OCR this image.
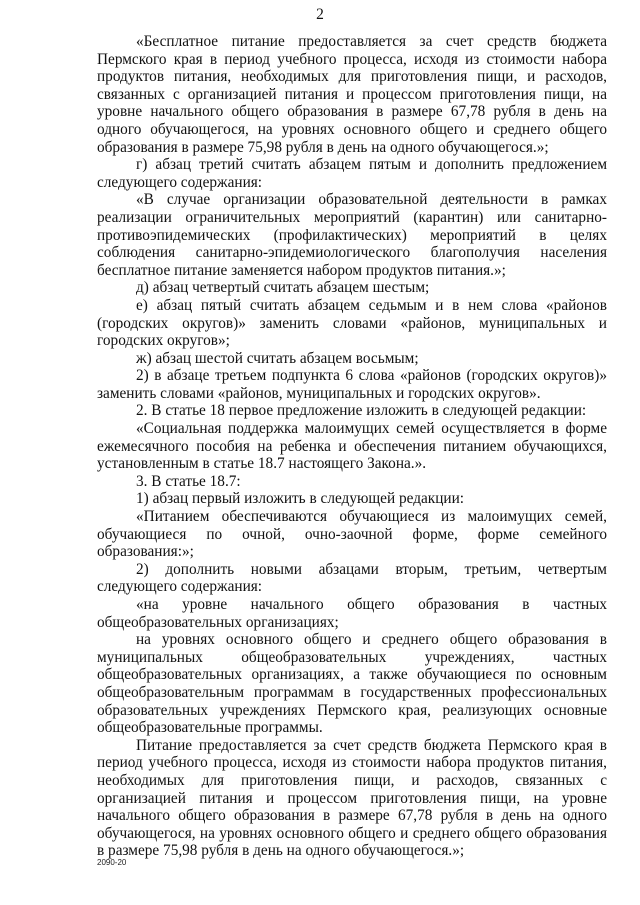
2

«Бесплатное питание предоставляется за счет средств бюджета Пермского края в период учебного процесса, исходя из стоимости набора продуктов питания, необходимых для приготовления пищи, и расходов, связанных с организацией питания и процессом приготовления пищи, на уровне начального общего образования в размере 67,78 рубля в день на одного обучающегося, на уровнях основного общего и среднего общего образования в размере 75,98 рубля в день на одного обучающегося.»;

г) абзац третий считать абзацем пятым и дополнить предложением следующего содержания:

«В случае организации образовательной деятельности в рамках реализации ограничительных мероприятий (карантин) или санитарно-противоэпидемических (профилактических) мероприятий в целях соблюдения санитарно-эпидемиологического благополучия населения бесплатное питание заменяется набором продуктов питания.»;

д) абзац четвертый считать абзацем шестым;

е) абзац пятый считать абзацем седьмым и в нем слова «районов (городских округов)» заменить словами «районов, муниципальных и городских округов»;

ж) абзац шестой считать абзацем восьмым;

2) в абзаце третьем подпункта 6 слова «районов (городских округов)» заменить словами «районов, муниципальных и городских округов».

2. В статье 18 первое предложение изложить в следующей редакции:

«Социальная поддержка малоимущих семей осуществляется в форме ежемесячного пособия на ребенка и обеспечения питанием обучающихся, установленным в статье 18.7 настоящего Закона.».

3. В статье 18.7:

1) абзац первый изложить в следующей редакции:

«Питанием обеспечиваются обучающиеся из малоимущих семей, обучающиеся по очной, очно-заочной форме, форме семейного образования:»;

2) дополнить новыми абзацами вторым, третьим, четвертым следующего содержания:

«на уровне начального общего образования в частных общеобразовательных организациях;

на уровнях основного общего и среднего общего образования в муниципальных общеобразовательных учреждениях, частных общеобразовательных организациях, а также обучающиеся по основным общеобразовательным программам в государственных профессиональных образовательных учреждениях Пермского края, реализующих основные общеобразовательные программы.

Питание предоставляется за счет средств бюджета Пермского края в период учебного процесса, исходя из стоимости набора продуктов питания, необходимых для приготовления пищи, и расходов, связанных с организацией питания и процессом приготовления пищи, на уровне начального общего образования в размере 67,78 рубля в день на одного обучающегося, на уровнях основного общего и среднего общего образования в размере 75,98 рубля в день на одного обучающегося.»;

2090-20
